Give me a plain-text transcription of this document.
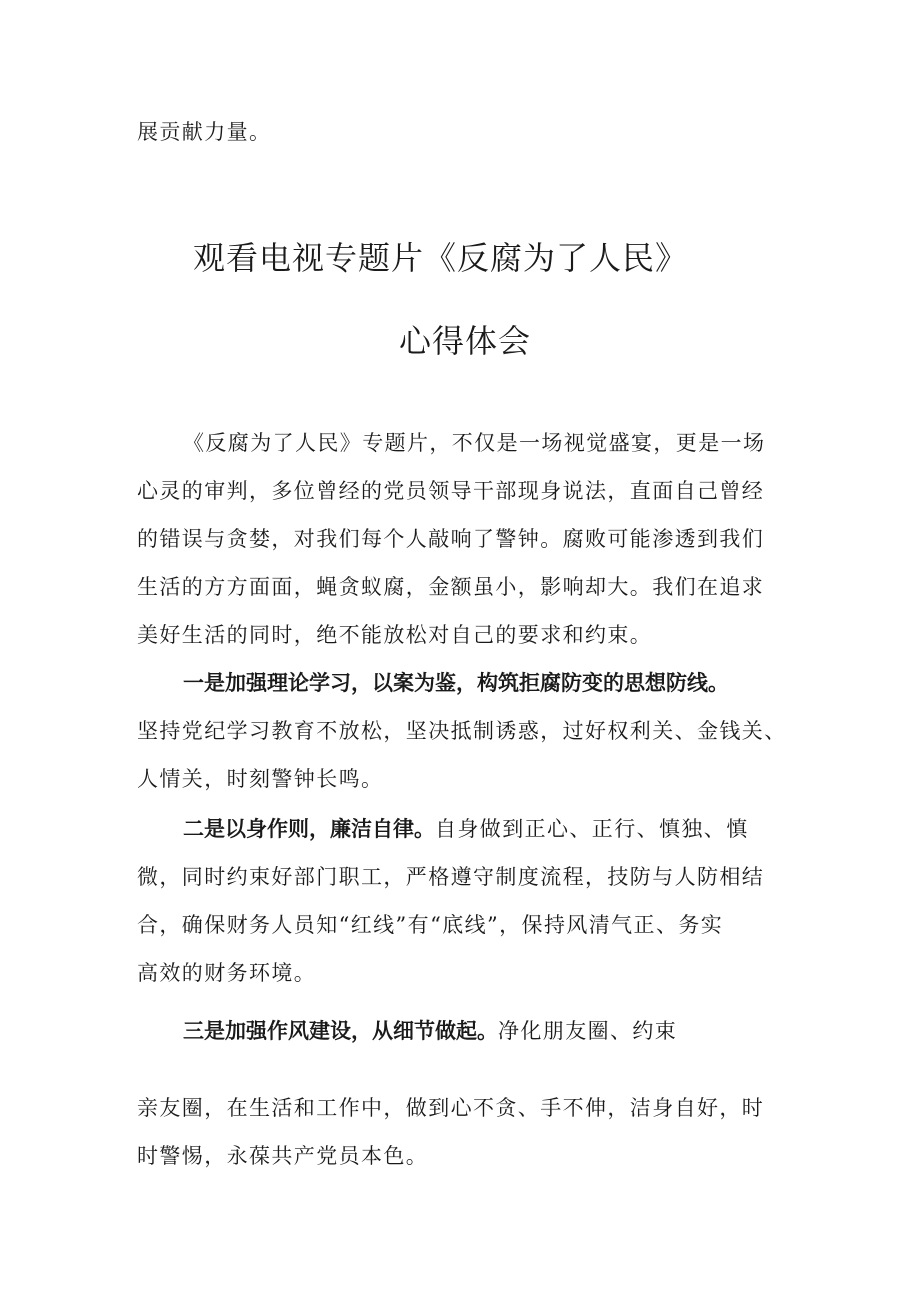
展贡献力量。
观看电视专题片《反腐为了人民》
心得体会
《反腐为了人民》专题片，不仅是一场视觉盛宴，更是一场
心灵的审判，多位曾经的党员领导干部现身说法，直面自己曾经
的错误与贪婪，对我们每个人敲响了警钟。腐败可能渗透到我们
生活的方方面面，蝇贪蚁腐，金额虽小，影响却大。我们在追求
美好生活的同时，绝不能放松对自己的要求和约束。
一是加强理论学习，以案为鉴，构筑拒腐防变的思想防线。
坚持党纪学习教育不放松，坚决抵制诱惑，过好权利关、金钱关、
人情关，时刻警钟长鸣。
二是以身作则，廉洁自律。自身做到正心、正行、慎独、慎
微，同时约束好部门职工，严格遵守制度流程，技防与人防相结
合，确保财务人员知“红线”有“底线”，保持风清气正、务实
高效的财务环境。
三是加强作风建设，从细节做起。净化朋友圈、约束
亲友圈，在生活和工作中，做到心不贪、手不伸，洁身自好，时
时警惕，永葆共产党员本色。
